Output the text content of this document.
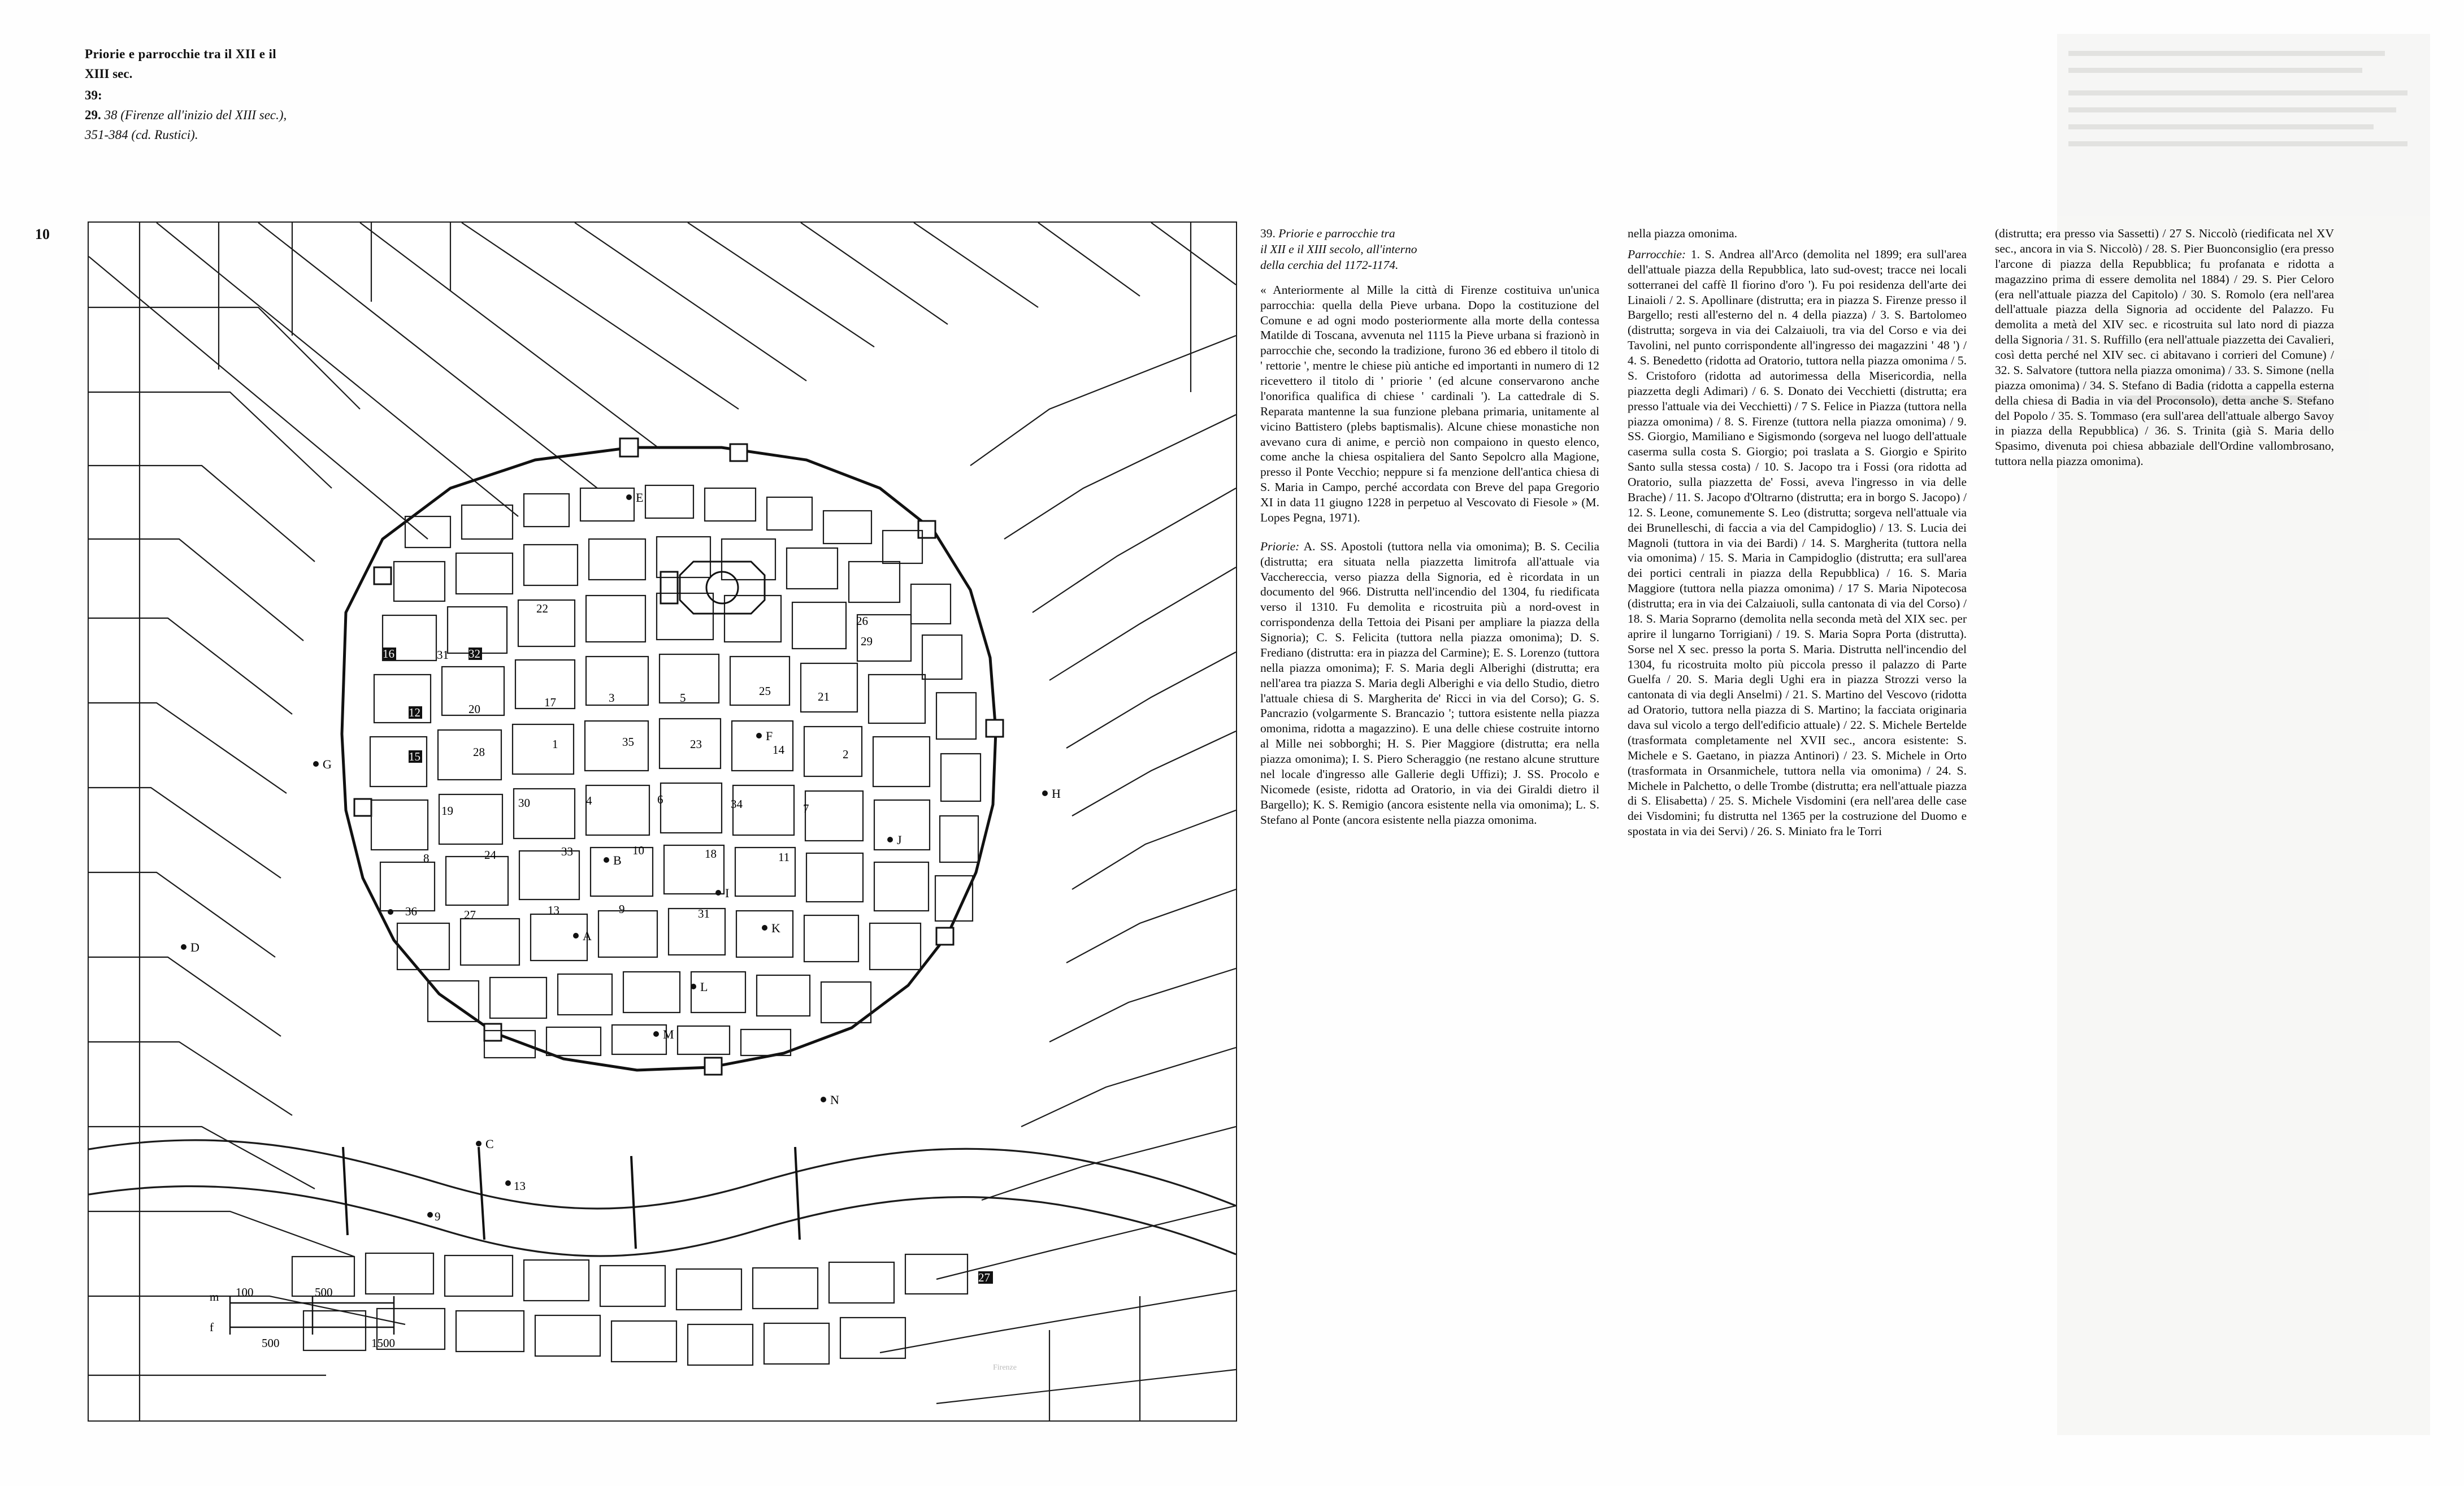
Priorie e parrocchie tra il XII e il
XIII sec.
39:
29. 38 (Firenze all'inizio del XIII sec.),
351-384 (cd. Rustici).
10
A
B
C
D
E
F
G
H
I
J
K
L
M
N
16	31 32
22
29
26
12	20	17	3	5	25	21
15	28
1	35	23	14	2
19
30	4	6	34	7
8	24	33	10	18	11
36	27	13	9	31
13
9
27
m
f
100	500
500	1500
Firenze
39. Priorie e parrocchie tra
il XII e il XIII secolo, all'interno
della cerchia del 1172-1174.

« Anteriormente al Mille la città di Firenze costituiva un'unica parrocchia: quella della Pieve urbana. Dopo la costituzione del Comune e ad ogni modo posteriormente alla morte della contessa Matilde di Toscana, avvenuta nel 1115 la Pieve urbana si frazionò in parrocchie che, secondo la tradizione, furono 36 ed ebbero il titolo di ' rettorie ', mentre le chiese più antiche ed importanti in numero di 12 ricevettero il titolo di ' priorie ' (ed alcune conservarono anche l'onorifica qualifica di chiese ' cardinali '). La cattedrale di S. Reparata mantenne la sua funzione plebana primaria, unitamente al vicino Battistero (plebs baptismalis). Alcune chiese monastiche non avevano cura di anime, e perciò non compaiono in questo elenco, come anche la chiesa ospitaliera del Santo Sepolcro alla Magione, presso il Ponte Vecchio; neppure si fa menzione dell'antica chiesa di S. Maria in Campo, perché accordata con Breve del papa Gregorio XI in data 11 giugno 1228 in perpetuo al Vescovato di Fiesole » (M. Lopes Pegna, 1971).

Priorie: A. SS. Apostoli (tuttora nella via omonima); B. S. Cecilia (distrutta; era situata nella piazzetta limitrofa all'attuale via Vacchereccia, verso piazza della Signoria, ed è ricordata in un documento del 966. Distrutta nell'incendio del 1304, fu riedificata verso il 1310. Fu demolita e ricostruita più a nord-ovest in corrispondenza della Tettoia dei Pisani per ampliare la piazza della Signoria); C. S. Felicita (tuttora nella piazza omonima); D. S. Frediano (distrutta: era in piazza del Carmine); E. S. Lorenzo (tuttora nella piazza omonima); F. S. Maria degli Alberighi (distrutta; era nell'area tra piazza S. Maria degli Alberighi e via dello Studio, dietro l'attuale chiesa di S. Margherita de' Ricci in via del Corso); G. S. Pancrazio (volgarmente S. Brancazio '; tuttora esistente nella piazza omonima, ridotta a magazzino). E una delle chiese costruite intorno al Mille nei sobborghi; H. S. Pier Maggiore (distrutta; era nella piazza omonima); I. S. Piero Scheraggio (ne restano alcune strutture nel locale d'ingresso alle Gallerie degli Uffizi); J. SS. Procolo e Nicomede (esiste, ridotta ad Oratorio, in via dei Giraldi dietro il Bargello); K. S. Remigio (ancora esistente nella via omonima); L. S. Stefano al Ponte (ancora esistente nella piazza omonima.

nella piazza omonima.

Parrocchie: 1. S. Andrea all'Arco (demolita nel 1899; era sull'area dell'attuale piazza della Repubblica, lato sud-ovest; tracce nei locali sotterranei del caffè Il fiorino d'oro '). Fu poi residenza dell'arte dei Linaioli / 2. S. Apollinare (distrutta; era in piazza S. Firenze presso il Bargello; resti all'esterno del n. 4 della piazza) / 3. S. Bartolomeo (distrutta; sorgeva in via dei Calzaiuoli, tra via del Corso e via dei Tavolini, nel punto corrispondente all'ingresso dei magazzini ' 48 ') / 4. S. Benedetto (ridotta ad Oratorio, tuttora nella piazza omonima / 5. S. Cristoforo (ridotta ad autorimessa della Misericordia, nella piazzetta degli Adimari) / 6. S. Donato dei Vecchietti (distrutta; era presso l'attuale via dei Vecchietti) / 7 S. Felice in Piazza (tuttora nella piazza omonima) / 8. S. Firenze (tuttora nella piazza omonima) / 9. SS. Giorgio, Mamiliano e Sigismondo (sorgeva nel luogo dell'attuale caserma sulla costa S. Giorgio; poi traslata a S. Giorgio e Spirito Santo sulla stessa costa) / 10. S. Jacopo tra i Fossi (ora ridotta ad Oratorio, sulla piazzetta de' Fossi, aveva l'ingresso in via delle Brache) / 11. S. Jacopo d'Oltrarno (distrutta; era in borgo S. Jacopo) / 12. S. Leone, comunemente S. Leo (distrutta; sorgeva nell'attuale via dei Brunelleschi, di faccia a via del Campidoglio) / 13. S. Lucia dei Magnoli (tuttora in via dei Bardi) / 14. S. Margherita (tuttora nella via omonima) / 15. S. Maria in Campidoglio (distrutta; era sull'area dei portici centrali in piazza della Repubblica) / 16. S. Maria Maggiore (tuttora nella piazza omonima) / 17 S. Maria Nipotecosa (distrutta; era in via dei Calzaiuoli, sulla cantonata di via del Corso) / 18. S. Maria Soprarno (demolita nella seconda metà del XIX sec. per aprire il lungarno Torrigiani) / 19. S. Maria Sopra Porta (distrutta). Sorse nel X sec. presso la porta S. Maria. Distrutta nell'incendio del 1304, fu ricostruita molto più piccola presso il palazzo di Parte Guelfa / 20. S. Maria degli Ughi era in piazza Strozzi verso la cantonata di via degli Anselmi) / 21. S. Martino del Vescovo (ridotta ad Oratorio, tuttora nella piazza di S. Martino; la facciata originaria dava sul vicolo a tergo dell'edificio attuale) / 22. S. Michele Bertelde (trasformata completamente nel XVII sec., ancora esistente: S. Michele e S. Gaetano, in piazza Antinori) / 23. S. Michele in Orto (trasformata in Orsanmichele, tuttora nella via omonima) / 24. S. Michele in Palchetto, o delle Trombe (distrutta; era nell'attuale piazza di S. Elisabetta) / 25. S. Michele Visdomini (era nell'area delle case dei Visdomini; fu distrutta nel 1365 per la costruzione del Duomo e spostata in via dei Servi) / 26. S. Miniato fra le Torri

(distrutta; era presso via Sassetti) / 27 S. Niccolò (riedificata nel XV sec., ancora in via S. Niccolò) / 28. S. Pier Buonconsiglio (era presso l'arcone di piazza della Repubblica; fu profanata e ridotta a magazzino prima di essere demolita nel 1884) / 29. S. Pier Celoro (era nell'attuale piazza del Capitolo) / 30. S. Romolo (era nell'area dell'attuale piazza della Signoria ad occidente del Palazzo. Fu demolita a metà del XIV sec. e ricostruita sul lato nord di piazza della Signoria / 31. S. Ruffillo (era nell'attuale piazzetta dei Cavalieri, così detta perché nel XIV sec. ci abitavano i corrieri del Comune) / 32. S. Salvatore (tuttora nella piazza omonima) / 33. S. Simone (nella piazza omonima) / 34. S. Stefano di Badia (ridotta a cappella esterna della chiesa di Badia in via del Proconsolo), detta anche S. Stefano del Popolo / 35. S. Tommaso (era sull'area dell'attuale albergo Savoy in piazza della Repubblica) / 36. S. Trinita (già S. Maria dello Spasimo, divenuta poi chiesa abbaziale dell'Ordine vallombrosano, tuttora nella piazza omonima).
